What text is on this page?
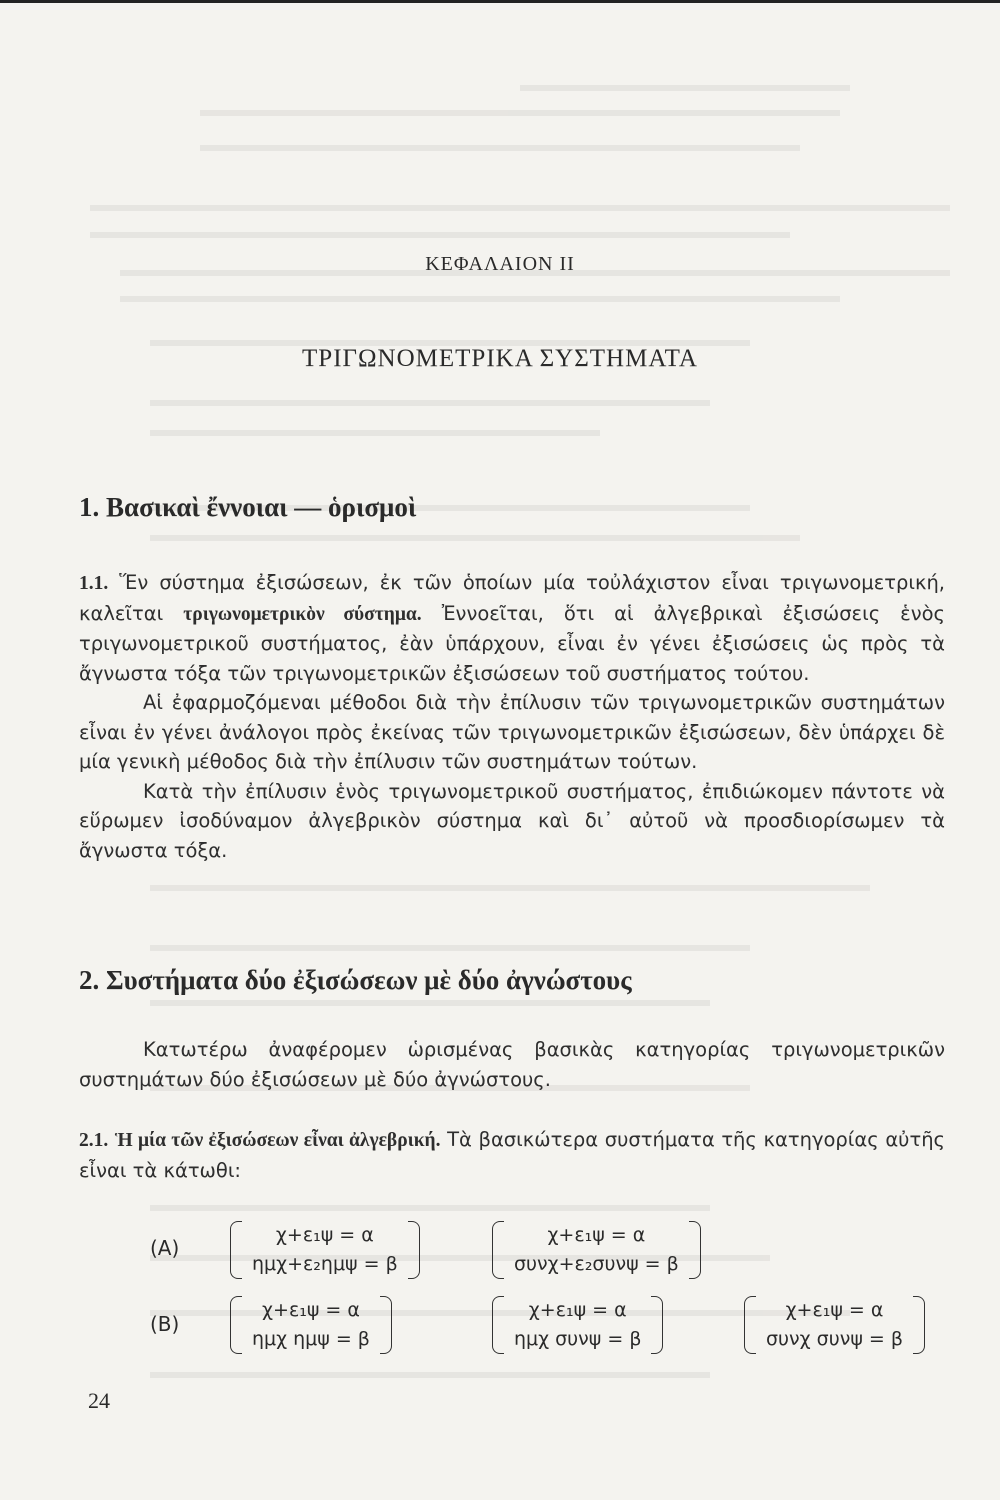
ΚΕΦΑΛΑΙΟΝ ΙΙ
ΤΡΙΓΩΝΟΜΕΤΡΙΚΑ ΣΥΣΤΗΜΑΤΑ
1. Βασικαὶ ἔννοιαι — ὁρισμοὶ

1.1. Ἕν σύστημα ἐξισώσεων, ἐκ τῶν ὁποίων μία τοὐλάχιστον εἶναι τριγωνομετρική, καλεῖται τριγωνομετρικὸν σύστημα. Ἐννοεῖται, ὅτι αἱ ἀλγεβρικαὶ ἐξισώσεις ἑνὸς τριγωνομετρικοῦ συστήματος, ἐὰν ὑπάρχουν, εἶναι ἐν γένει ἐξισώσεις ὡς πρὸς τὰ ἄγνωστα τόξα τῶν τριγωνομετρικῶν ἐξισώσεων τοῦ συστήματος τούτου.

Αἱ ἐφαρμοζόμεναι μέθοδοι διὰ τὴν ἐπίλυσιν τῶν τριγωνομετρικῶν συστημάτων εἶναι ἐν γένει ἀνάλογοι πρὸς ἐκείνας τῶν τριγωνομετρικῶν ἐξισώσεων, δὲν ὑπάρχει δὲ μία γενικὴ μέθοδος διὰ τὴν ἐπίλυσιν τῶν συστημάτων τούτων.

Κατὰ τὴν ἐπίλυσιν ἑνὸς τριγωνομετρικοῦ συστήματος, ἐπιδιώκομεν πάντοτε νὰ εὕρωμεν ἰσοδύναμον ἀλγεβρικὸν σύστημα καὶ δι᾽ αὐτοῦ νὰ προσδιορίσωμεν τὰ ἄγνωστα τόξα.

2. Συστήματα δύο ἐξισώσεων μὲ δύο ἀγνώστους

Κατωτέρω ἀναφέρομεν ὡρισμένας βασικὰς κατηγορίας τριγωνομετρικῶν συστημάτων δύο ἐξισώσεων μὲ δύο ἀγνώστους.

2.1. Ἡ μία τῶν ἐξισώσεων εἶναι ἀλγεβρική. Τὰ βασικώτερα συστήματα τῆς κατηγορίας αὐτῆς εἶναι τὰ κάτωθι:

(Α)
χ+ε₁ψ = α
ημχ+ε₂ημψ = β
χ+ε₁ψ = α
συνχ+ε₂συνψ = β
(Β)
χ+ε₁ψ = α
ημχ ημψ = β
χ+ε₁ψ = α
ημχ συνψ = β
χ+ε₁ψ = α
συνχ συνψ = β
24
